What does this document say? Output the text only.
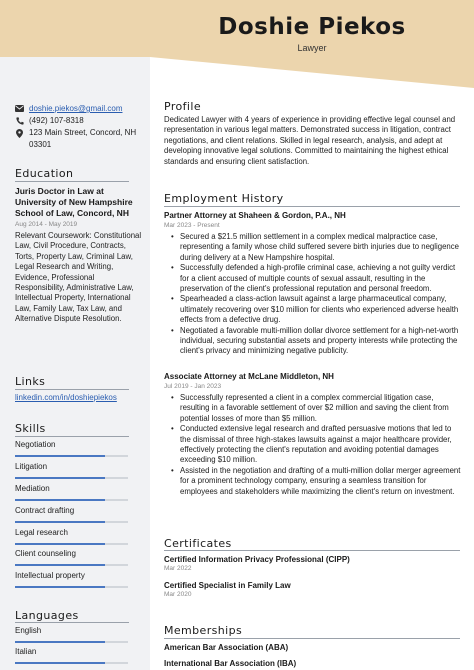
Doshie Piekos
Lawyer
doshie.piekos@gmail.com
(492) 107-8318
123 Main Street, Concord, NH
03301
Education
Juris Doctor in Law at University of New Hampshire School of Law, Concord, NH
Aug 2014 - May 2019
Relevant Coursework: Constitutional Law, Civil Procedure, Contracts, Torts, Property Law, Criminal Law, Legal Research and Writing, Evidence, Professional Responsibility, Administrative Law, Intellectual Property, International Law, Family Law, Tax Law, and Alternative Dispute Resolution.
Links
linkedin.com/in/doshiepiekos
Skills
Negotiation
Litigation
Mediation
Contract drafting
Legal research
Client counseling
Intellectual property
Languages
English
Italian
Profile
Dedicated Lawyer with 4 years of experience in providing effective legal counsel and representation in various legal matters. Demonstrated success in litigation, contract negotiations, and client relations. Skilled in legal research, analysis, and adept at developing innovative legal solutions. Committed to maintaining the highest ethical standards and ensuring client satisfaction.
Employment History
Partner Attorney at Shaheen & Gordon, P.A., NH
Mar 2023 - Present
• Secured a $21.5 million settlement in a complex medical malpractice case, representing a family whose child suffered severe birth injuries due to negligence during delivery at a New Hampshire hospital.
• Successfully defended a high-profile criminal case, achieving a not guilty verdict for a client accused of multiple counts of sexual assault, resulting in the preservation of the client's professional reputation and personal freedom.
• Spearheaded a class-action lawsuit against a large pharmaceutical company, ultimately recovering over $10 million for clients who experienced adverse health effects from a defective drug.
• Negotiated a favorable multi-million dollar divorce settlement for a high-net-worth individual, securing substantial assets and property interests while protecting the client's privacy and minimizing negative publicity.
Associate Attorney at McLane Middleton, NH
Jul 2019 - Jan 2023
• Successfully represented a client in a complex commercial litigation case, resulting in a favorable settlement of over $2 million and saving the client from potential losses of more than $5 million.
• Conducted extensive legal research and drafted persuasive motions that led to the dismissal of three high-stakes lawsuits against a major healthcare provider, effectively protecting the client's reputation and avoiding potential damages exceeding $10 million.
• Assisted in the negotiation and drafting of a multi-million dollar merger agreement for a prominent technology company, ensuring a seamless transition for employees and stakeholders while maximizing the client's return on investment.
Certificates
Certified Information Privacy Professional (CIPP)
Mar 2022
Certified Specialist in Family Law
Mar 2020
Memberships
American Bar Association (ABA)
International Bar Association (IBA)
